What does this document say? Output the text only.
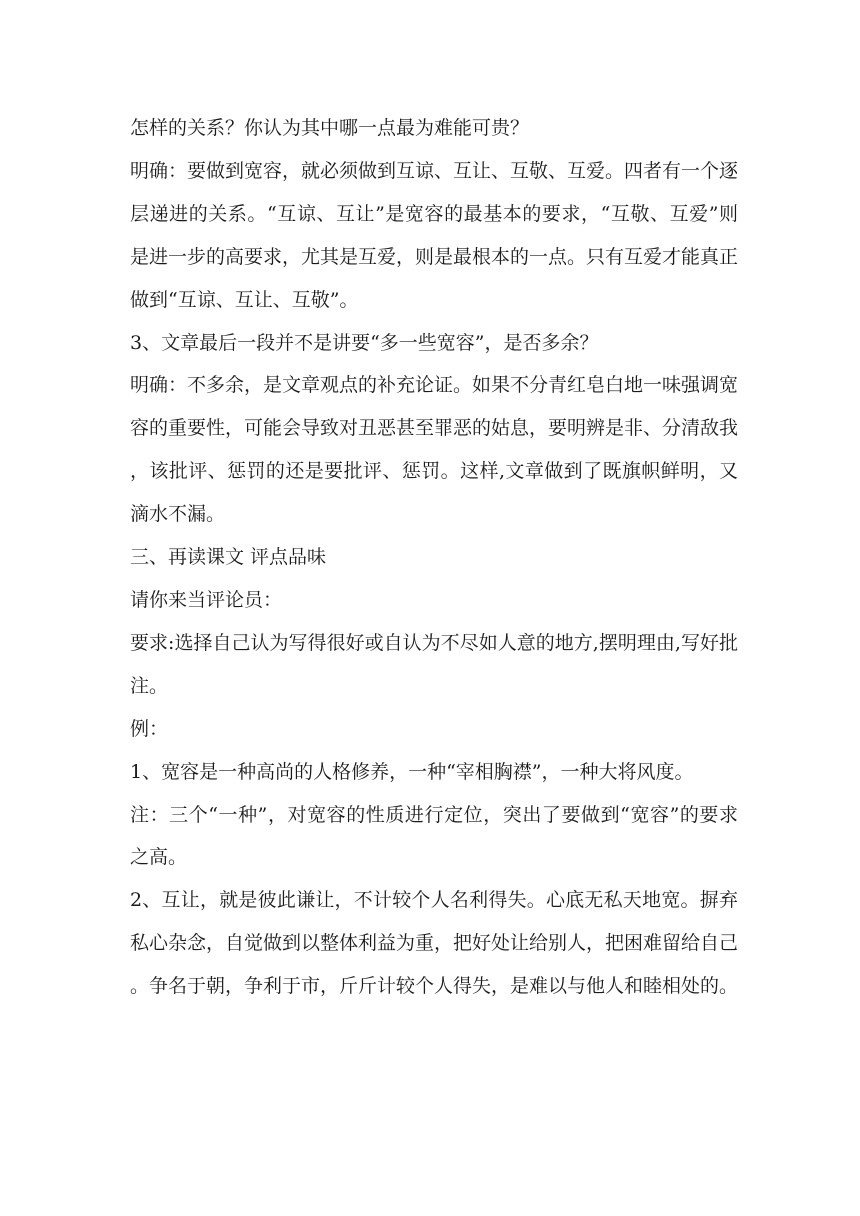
怎样的关系？你认为其中哪一点最为难能可贵？

明确：要做到宽容，就必须做到互谅、互让、互敬、互爱。四者有一个逐层递进的关系。“互谅、互让”是宽容的最基本的要求，“互敬、互爱”则是进一步的高要求，尤其是互爱，则是最根本的一点。只有互爱才能真正做到“互谅、互让、互敬”。

3、文章最后一段并不是讲要“多一些宽容”，是否多余？

明确：不多余，是文章观点的补充论证。如果不分青红皂白地一味强调宽容的重要性，可能会导致对丑恶甚至罪恶的姑息，要明辨是非、分清敌我 ，该批评、惩罚的还是要批评、惩罚。这样,文章做到了既旗帜鲜明，又滴水不漏。

三、再读课文 评点品味

请你来当评论员：

要求:选择自己认为写得很好或自认为不尽如人意的地方,摆明理由,写好批注。

例：

1、宽容是一种高尚的人格修养，一种“宰相胸襟”，一种大将风度。

注：三个“一种”，对宽容的性质进行定位，突出了要做到“宽容”的要求之高。

2、互让，就是彼此谦让，不计较个人名利得失。心底无私天地宽。摒弃私心杂念，自觉做到以整体利益为重，把好处让给别人，把困难留给自己。争名于朝，争利于市，斤斤计较个人得失，是难以与他人和睦相处的。
